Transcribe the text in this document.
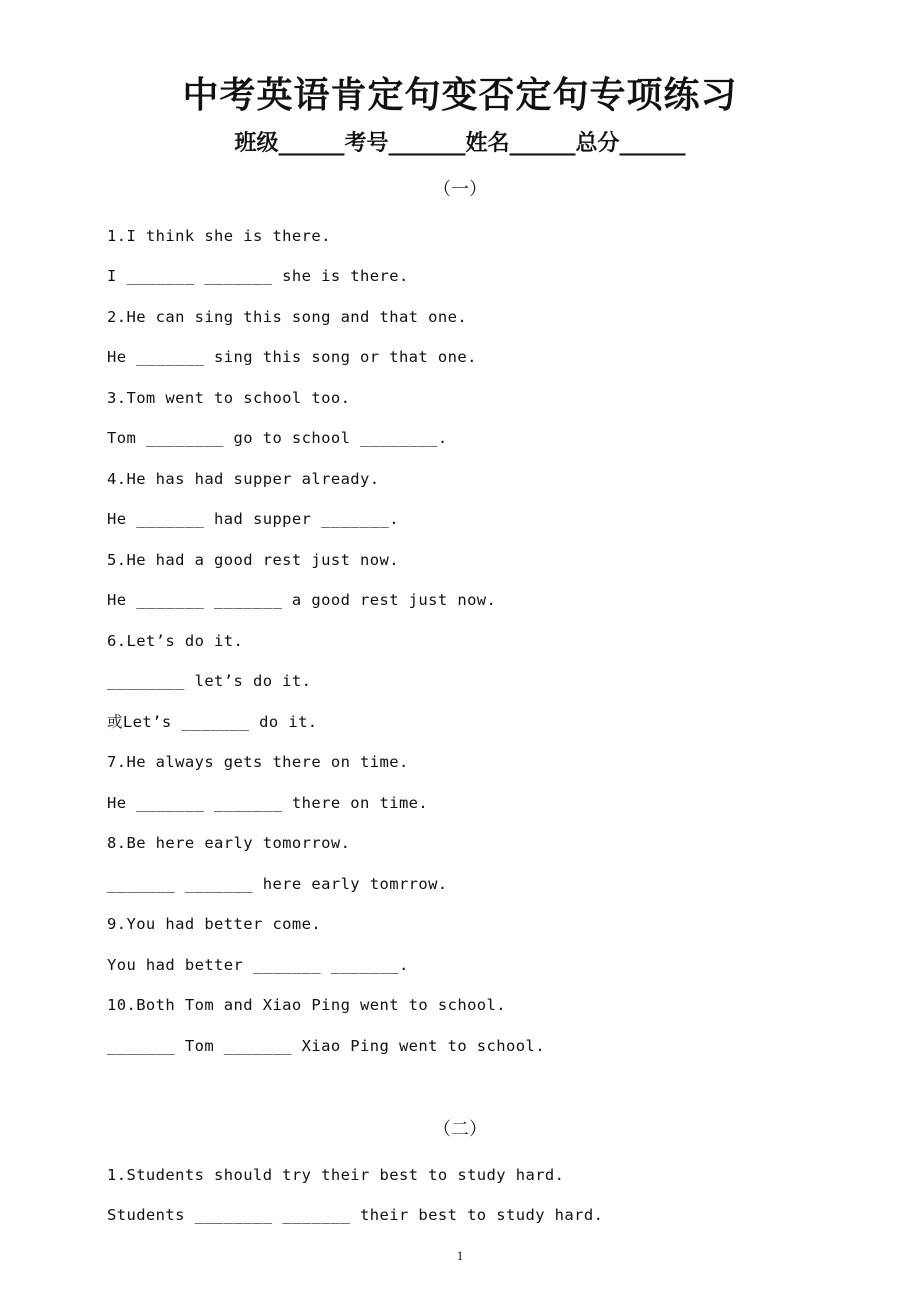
中考英语肯定句变否定句专项练习
班级______考号_______姓名______总分______
（一）
1.I think she is there.
I _______ _______ she is there.
2.He can sing this song and that one.
He _______ sing this song or that one.
3.Tom went to school too.
Tom ________ go to school ________.
4.He has had supper already.
He _______ had supper _______.
5.He had a good rest just now.
He _______ _______ a good rest just now.
6.Let’s do it.
________ let’s do it.
或Let’s _______ do it.
7.He always gets there on time.
He _______ _______ there on time.
8.Be here early tomorrow.
_______ _______ here early tomrrow.
9.You had better come.
You had better _______ _______.
10.Both Tom and Xiao Ping went to school.
_______ Tom _______ Xiao Ping went to school.
（二）
1.Students should try their best to study hard.
Students ________ _______ their best to study hard.
1
